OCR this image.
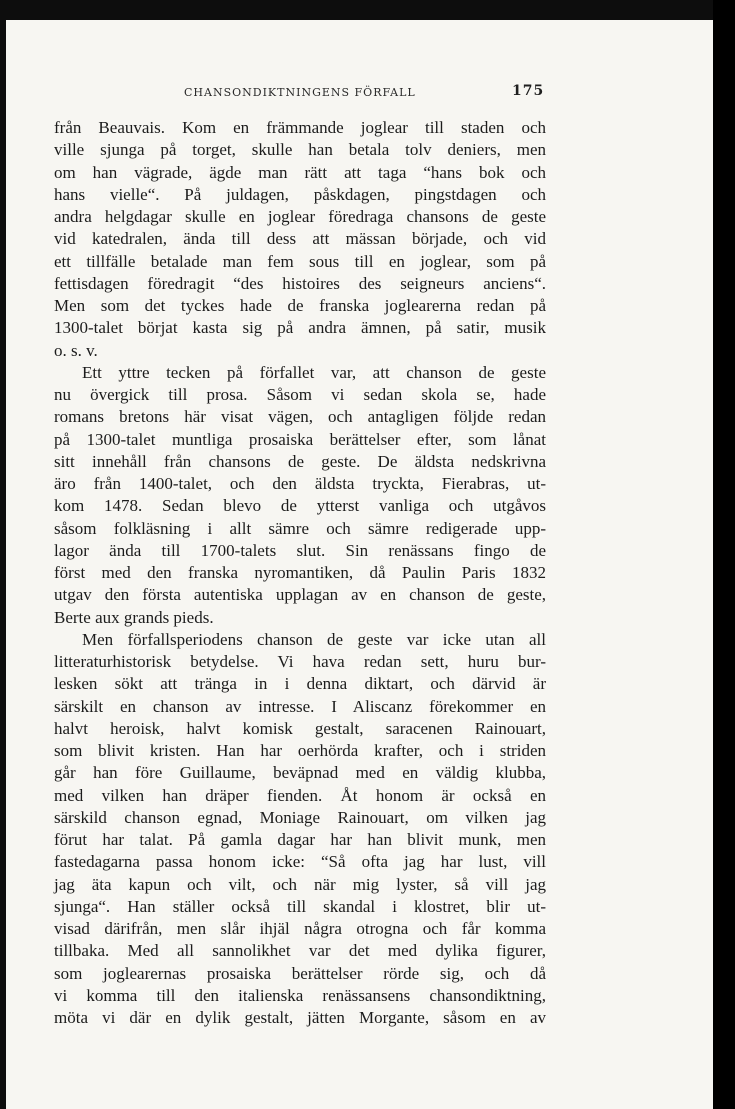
CHANSONDIKTNINGENS FÖRFALL	175
från Beauvais. Kom en främmande joglear till staden och
ville sjunga på torget, skulle han betala tolv deniers, men
om han vägrade, ägde man rätt att taga “hans bok och
hans vielle“. På juldagen, påskdagen, pingstdagen och
andra helgdagar skulle en joglear föredraga chansons de geste
vid katedralen, ända till dess att mässan började, och vid
ett tillfälle betalade man fem sous till en joglear, som på
fettisdagen föredragit “des histoires des seigneurs anciens“.
Men som det tyckes hade de franska joglearerna redan på
1300-talet börjat kasta sig på andra ämnen, på satir, musik
o. s. v.
Ett yttre tecken på förfallet var, att chanson de geste
nu övergick till prosa. Såsom vi sedan skola se, hade
romans bretons här visat vägen, och antagligen följde redan
på 1300-talet muntliga prosaiska berättelser efter, som lånat
sitt innehåll från chansons de geste. De äldsta nedskrivna
äro från 1400-talet, och den äldsta tryckta, Fierabras, ut-
kom 1478. Sedan blevo de ytterst vanliga och utgåvos
såsom folkläsning i allt sämre och sämre redigerade upp-
lagor ända till 1700-talets slut. Sin renässans fingo de
först med den franska nyromantiken, då Paulin Paris 1832
utgav den första autentiska upplagan av en chanson de geste,
Berte aux grands pieds.
Men förfallsperiodens chanson de geste var icke utan all
litteraturhistorisk betydelse. Vi hava redan sett, huru bur-
lesken sökt att tränga in i denna diktart, och därvid är
särskilt en chanson av intresse. I Aliscanz förekommer en
halvt heroisk, halvt komisk gestalt, saracenen Rainouart,
som blivit kristen. Han har oerhörda krafter, och i striden
går han före Guillaume, beväpnad med en väldig klubba,
med vilken han dräper fienden. Åt honom är också en
särskild chanson egnad, Moniage Rainouart, om vilken jag
förut har talat. På gamla dagar har han blivit munk, men
fastedagarna passa honom icke: “Så ofta jag har lust, vill
jag äta kapun och vilt, och när mig lyster, så vill jag
sjunga“. Han ställer också till skandal i klostret, blir ut-
visad därifrån, men slår ihjäl några otrogna och får komma
tillbaka. Med all sannolikhet var det med dylika figurer,
som joglearernas prosaiska berättelser rörde sig, och då
vi komma till den italienska renässansens chansondiktning,
möta vi där en dylik gestalt, jätten Morgante, såsom en av
